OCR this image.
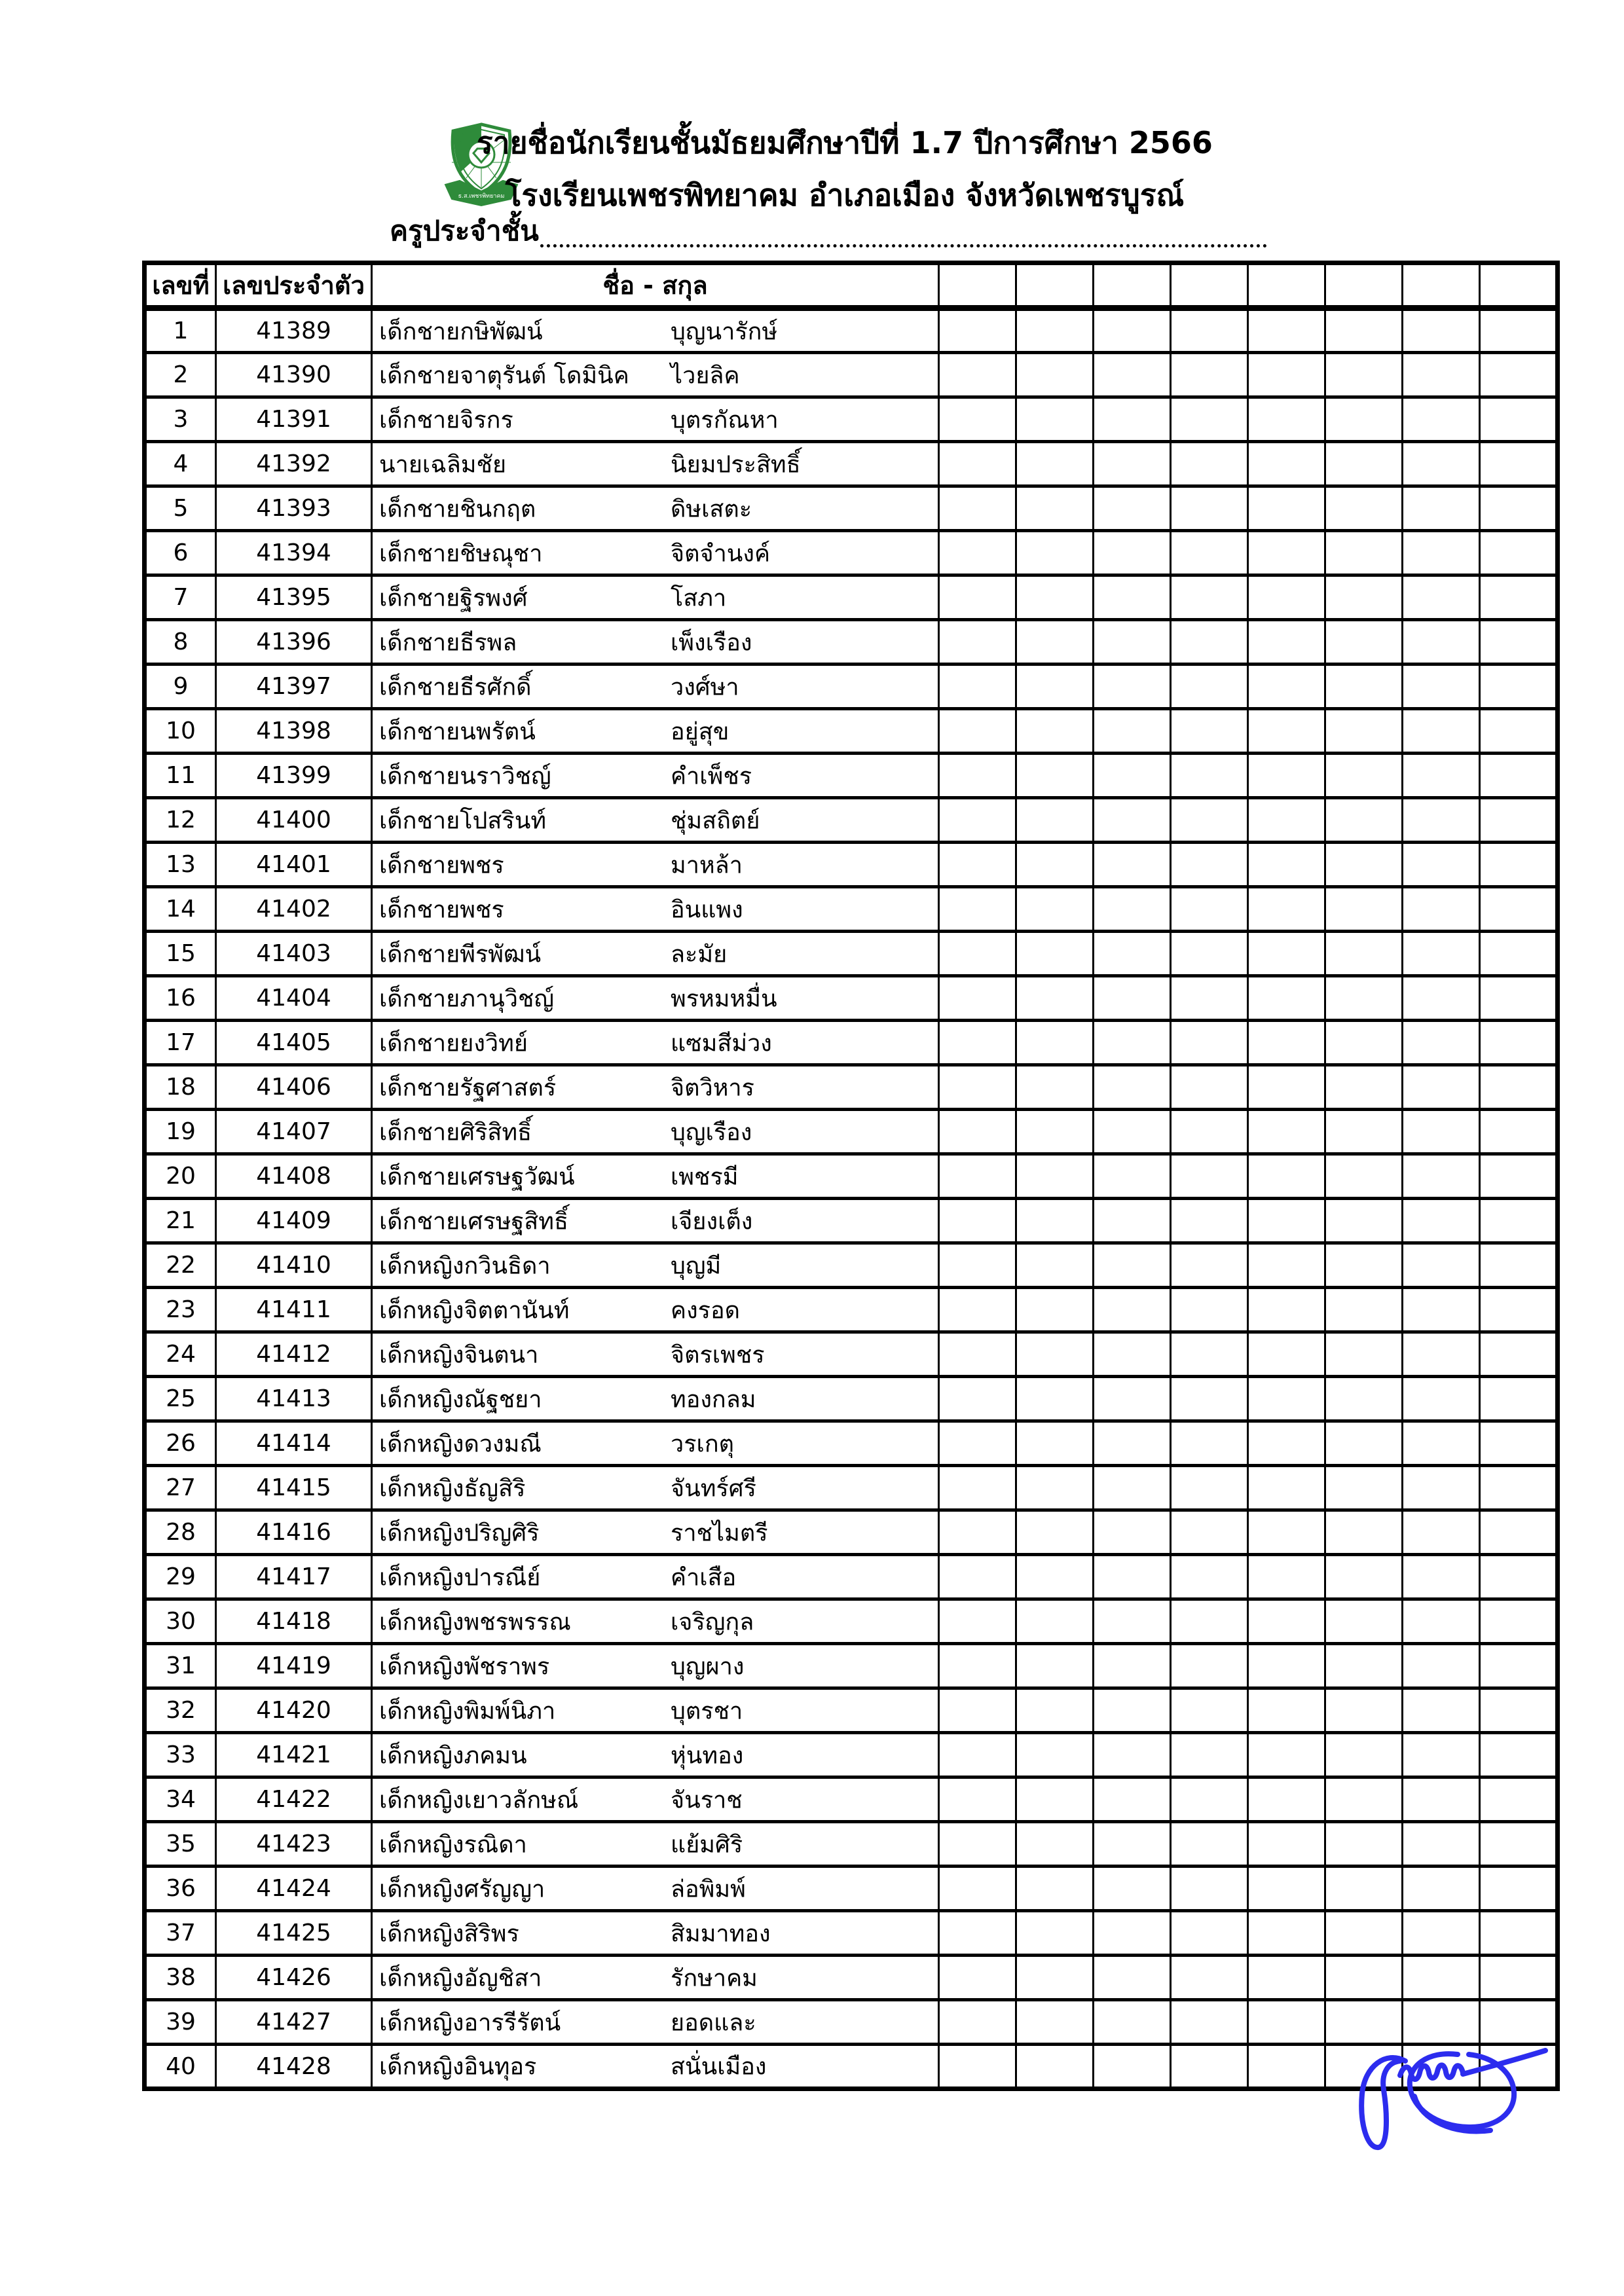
ธ.ส.เพชรพิทยาคม
รายชื่อนักเรียนชั้นมัธยมศึกษาปีที่ 1.7 ปีการศึกษา 2566
โรงเรียนเพชรพิทยาคม อำเภอเมือง จังหวัดเพชรบูรณ์
ครูประจำชั้น
เลขที่	เลขประจำตัว	ชื่อ - สกุล								
1	41389	เด็กชายกษิพัฒน์ บุญนารักษ์								

2	41390	เด็กชายจาตุรันต์ โดมินิค ไวยลิค								

3	41391	เด็กชายจิรกร บุตรกัณหา								

4	41392	นายเฉลิมชัย นิยมประสิทธิ์								

5	41393	เด็กชายชินกฤต ดิษเสตะ								

6	41394	เด็กชายชิษณุชา จิตจำนงค์								

7	41395	เด็กชายฐิรพงศ์ โสภา								

8	41396	เด็กชายธีรพล เพ็งเรือง								

9	41397	เด็กชายธีรศักดิ์ วงศ์ษา								

10	41398	เด็กชายนพรัตน์ อยู่สุข								

11	41399	เด็กชายนราวิชญ์ คำเพ็ชร								

12	41400	เด็กชายโปสรินท์ ชุ่มสถิตย์								

13	41401	เด็กชายพชร มาหล้า								

14	41402	เด็กชายพชร อินแพง								

15	41403	เด็กชายพีรพัฒน์ ละมัย								

16	41404	เด็กชายภานุวิชญ์ พรหมหมื่น								

17	41405	เด็กชายยงวิทย์ แซมสีม่วง								

18	41406	เด็กชายรัฐศาสตร์ จิตวิหาร								

19	41407	เด็กชายศิริสิทธิ์ บุญเรือง								

20	41408	เด็กชายเศรษฐวัฒน์ เพชรมี								

21	41409	เด็กชายเศรษฐสิทธิ์ เจียงเต็ง								

22	41410	เด็กหญิงกวินธิดา บุญมี								

23	41411	เด็กหญิงจิตตานันท์ คงรอด								

24	41412	เด็กหญิงจินตนา จิตรเพชร								

25	41413	เด็กหญิงณัฐชยา ทองกลม								

26	41414	เด็กหญิงดวงมณี วรเกตุ								

27	41415	เด็กหญิงธัญสิริ จันทร์ศรี								

28	41416	เด็กหญิงปริญศิริ ราชไมตรี								

29	41417	เด็กหญิงปารณีย์ คำเสือ								

30	41418	เด็กหญิงพชรพรรณ เจริญกุล								

31	41419	เด็กหญิงพัชราพร บุญผาง								

32	41420	เด็กหญิงพิมพ์นิภา บุตรชา								

33	41421	เด็กหญิงภคมน หุ่นทอง								

34	41422	เด็กหญิงเยาวลักษณ์ จันราช								

35	41423	เด็กหญิงรณิดา แย้มศิริ								

36	41424	เด็กหญิงศรัญญา ล่อพิมพ์								

37	41425	เด็กหญิงสิริพร สิมมาทอง								

38	41426	เด็กหญิงอัญชิสา รักษาคม								

39	41427	เด็กหญิงอารรีรัตน์ ยอดและ								

40	41428	เด็กหญิงอินทุอร สนั่นเมือง								
